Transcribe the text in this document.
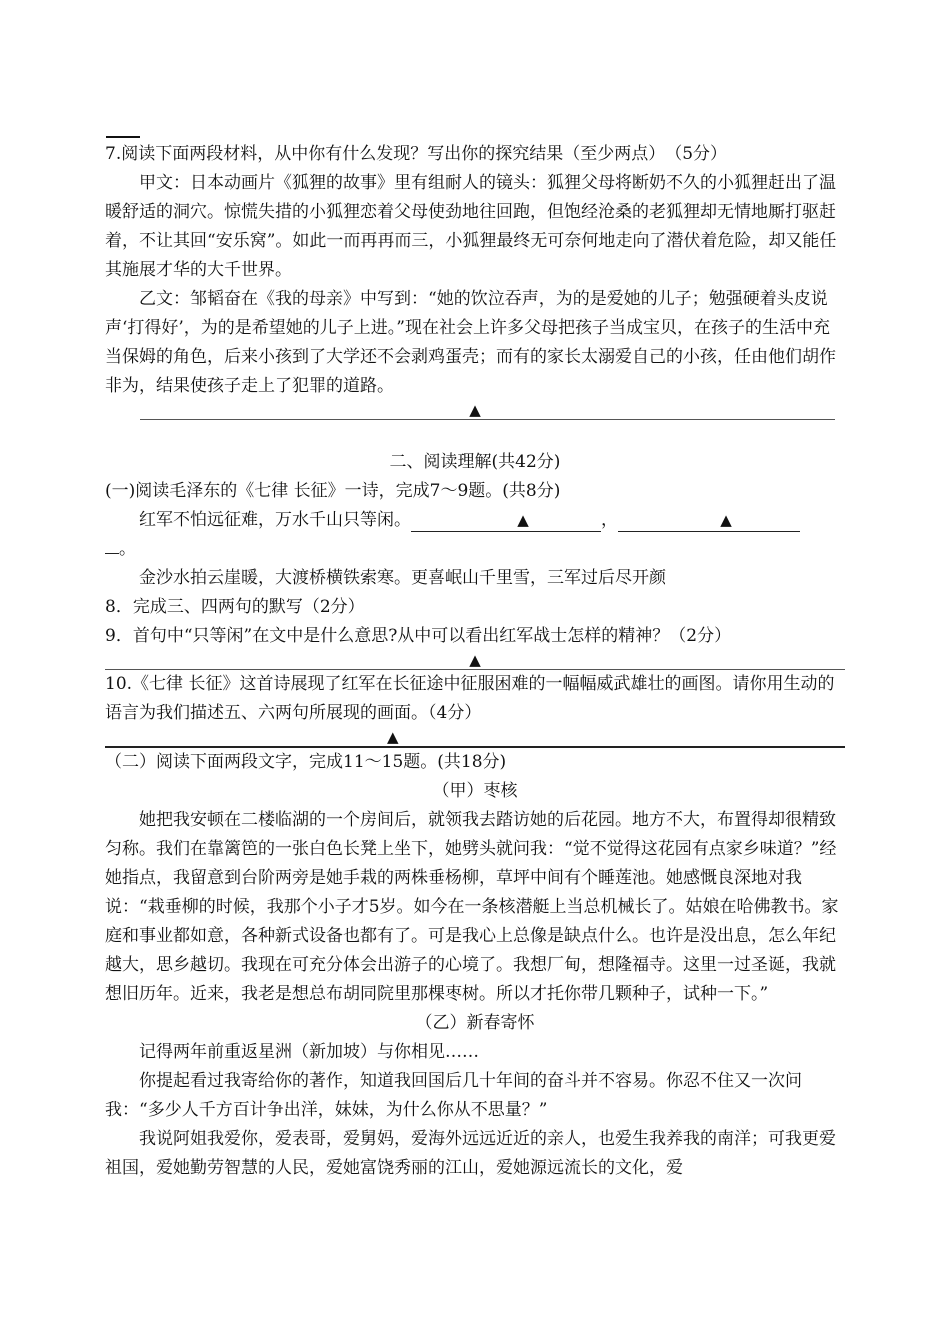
7.阅读下面两段材料，从中你有什么发现？写出你的探究结果（至少两点）　（5分）

甲文：日本动画片《狐狸的故事》里有组耐人的镜头：狐狸父母将断奶不久的小狐狸赶出了温暖舒适的洞穴。惊慌失措的小狐狸恋着父母使劲地往回跑，但饱经沧桑的老狐狸却无情地厮打驱赶着，不让其回“安乐窝”。如此一而再再而三，小狐狸最终无可奈何地走向了潜伏着危险，却又能任其施展才华的大千世界。

乙文：邹韬奋在《我的母亲》中写到：“她的饮泣吞声，为的是爱她的儿子；勉强硬着头皮说声‘打得好’，为的是希望她的儿子上进。”现在社会上许多父母把孩子当成宝贝，在孩子的生活中充当保姆的角色，后来小孩到了大学还不会剥鸡蛋壳；而有的家长太溺爱自己的小孩，任由他们胡作非为，结果使孩子走上了犯罪的道路。

▲

二、阅读理解(共42分)

(一)阅读毛泽东的《七律 长征》一诗，完成7～9题。(共8分)

红军不怕远征难，万水千山只等闲。	▲	，	▲

。

金沙水拍云崖暖，大渡桥横铁索寒。更喜岷山千里雪，三军过后尽开颜

8．完成三、四两句的默写（2分）

9．首句中“只等闲”在文中是什么意思?从中可以看出红军战士怎样的精神？（2分）

▲

10.《七律 长征》这首诗展现了红军在长征途中征服困难的一幅幅威武雄壮的画图。请你用生动的语言为我们描述五、六两句所展现的画面。（4分）

▲

（二）阅读下面两段文字，完成11～15题。(共18分)

（甲）枣核

她把我安顿在二楼临湖的一个房间后，就领我去踏访她的后花园。地方不大，布置得却很精致匀称。我们在靠篱笆的一张白色长凳上坐下，她劈头就问我：“觉不觉得这花园有点家乡味道？”经她指点，我留意到台阶两旁是她手栽的两株垂杨柳，草坪中间有个睡莲池。她感慨良深地对我说：“栽垂柳的时候，我那个小子才5岁。如今在一条核潜艇上当总机械长了。姑娘在哈佛教书。家庭和事业都如意，各种新式设备也都有了。可是我心上总像是缺点什么。也许是没出息，怎么年纪越大，思乡越切。我现在可充分体会出游子的心境了。我想厂甸，想隆福寺。这里一过圣诞，我就想旧历年。近来，我老是想总布胡同院里那棵枣树。所以才托你带几颗种子，试种一下。”

（乙）新春寄怀

记得两年前重返星洲（新加坡）与你相见……

你提起看过我寄给你的著作，知道我回国后几十年间的奋斗并不容易。你忍不住又一次问我：“多少人千方百计争出洋，妹妹，为什么你从不思量？”

我说阿姐我爱你，爱表哥，爱舅妈，爱海外远远近近的亲人，也爱生我养我的南洋；可我更爱祖国，爱她勤劳智慧的人民，爱她富饶秀丽的江山，爱她源远流长的文化，爱
